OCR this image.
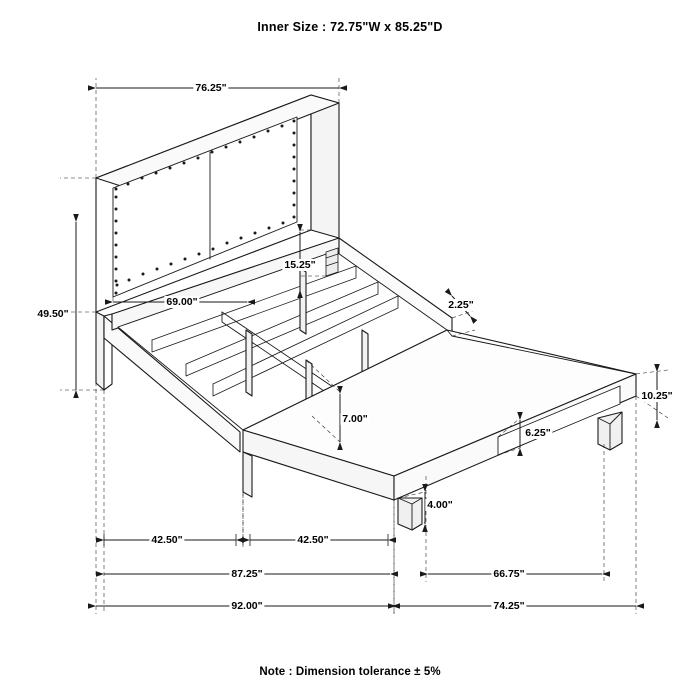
Inner Size : 72.75"W x 85.25"D
76.25"
69.00"
49.50"
15.25"
2.25"
7.00"
6.25"
10.25"
4.00"
42.50"	42.50"
87.25"	66.75"
92.00"	74.25"
Note : Dimension tolerance ± 5%
